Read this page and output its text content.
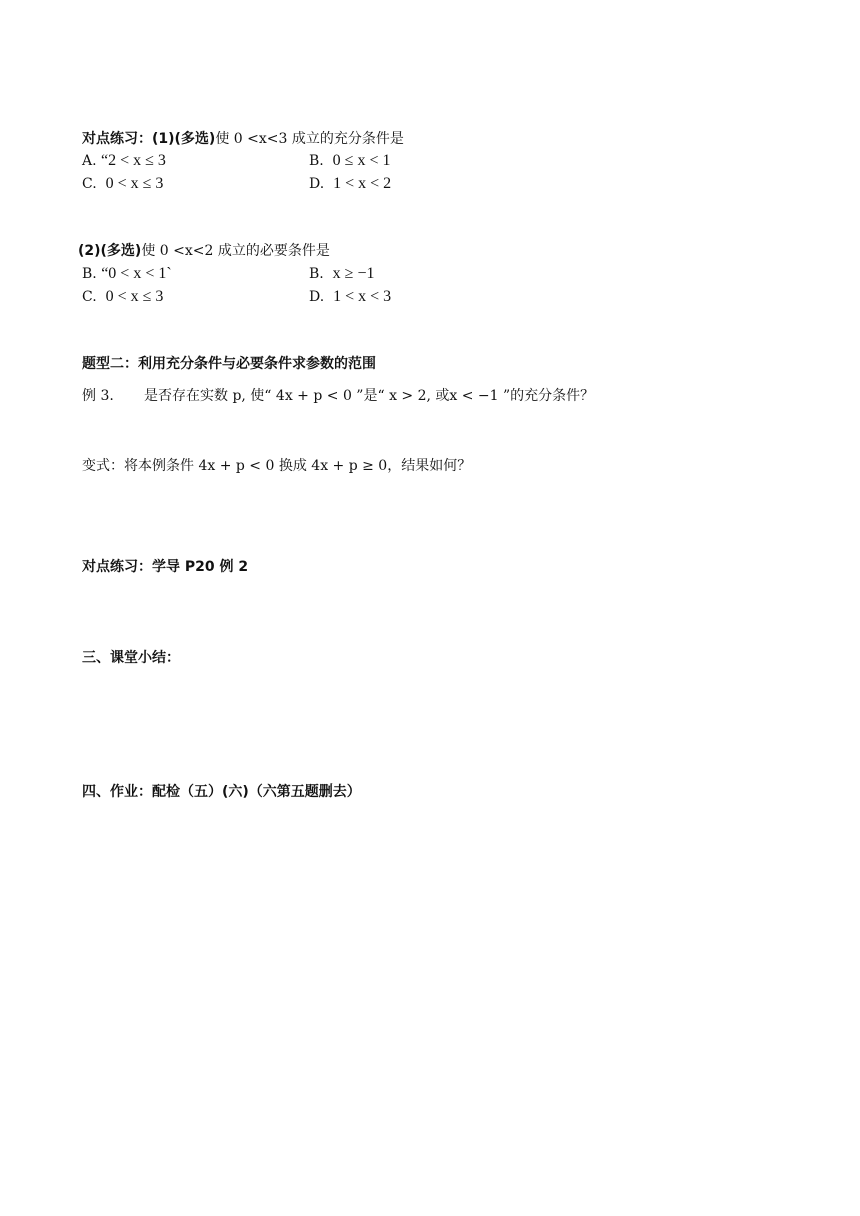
对点练习：(1)(多选)使 0 <x<3 成立的充分条件是
A. “2 < x ≤ 3	B. 0 ≤ x < 1
C. 0 < x ≤ 3	D. 1 < x < 2
(2)(多选)使 0 <x<2 成立的必要条件是
B. “0 < x < 1`	B. x ≥ −1
C. 0 < x ≤ 3	D. 1 < x < 3
题型二：利用充分条件与必要条件求参数的范围
例 3. 是否存在实数 p, 使“ 4x + p < 0 ”是“ x > 2, 或x < −1 ”的充分条件？
变式：将本例条件 4x + p < 0 换成 4x + p ≥ 0，结果如何？
对点练习：学导 P20 例 2
三、课堂小结：
四、作业：配检（五）(六)（六第五题删去）
